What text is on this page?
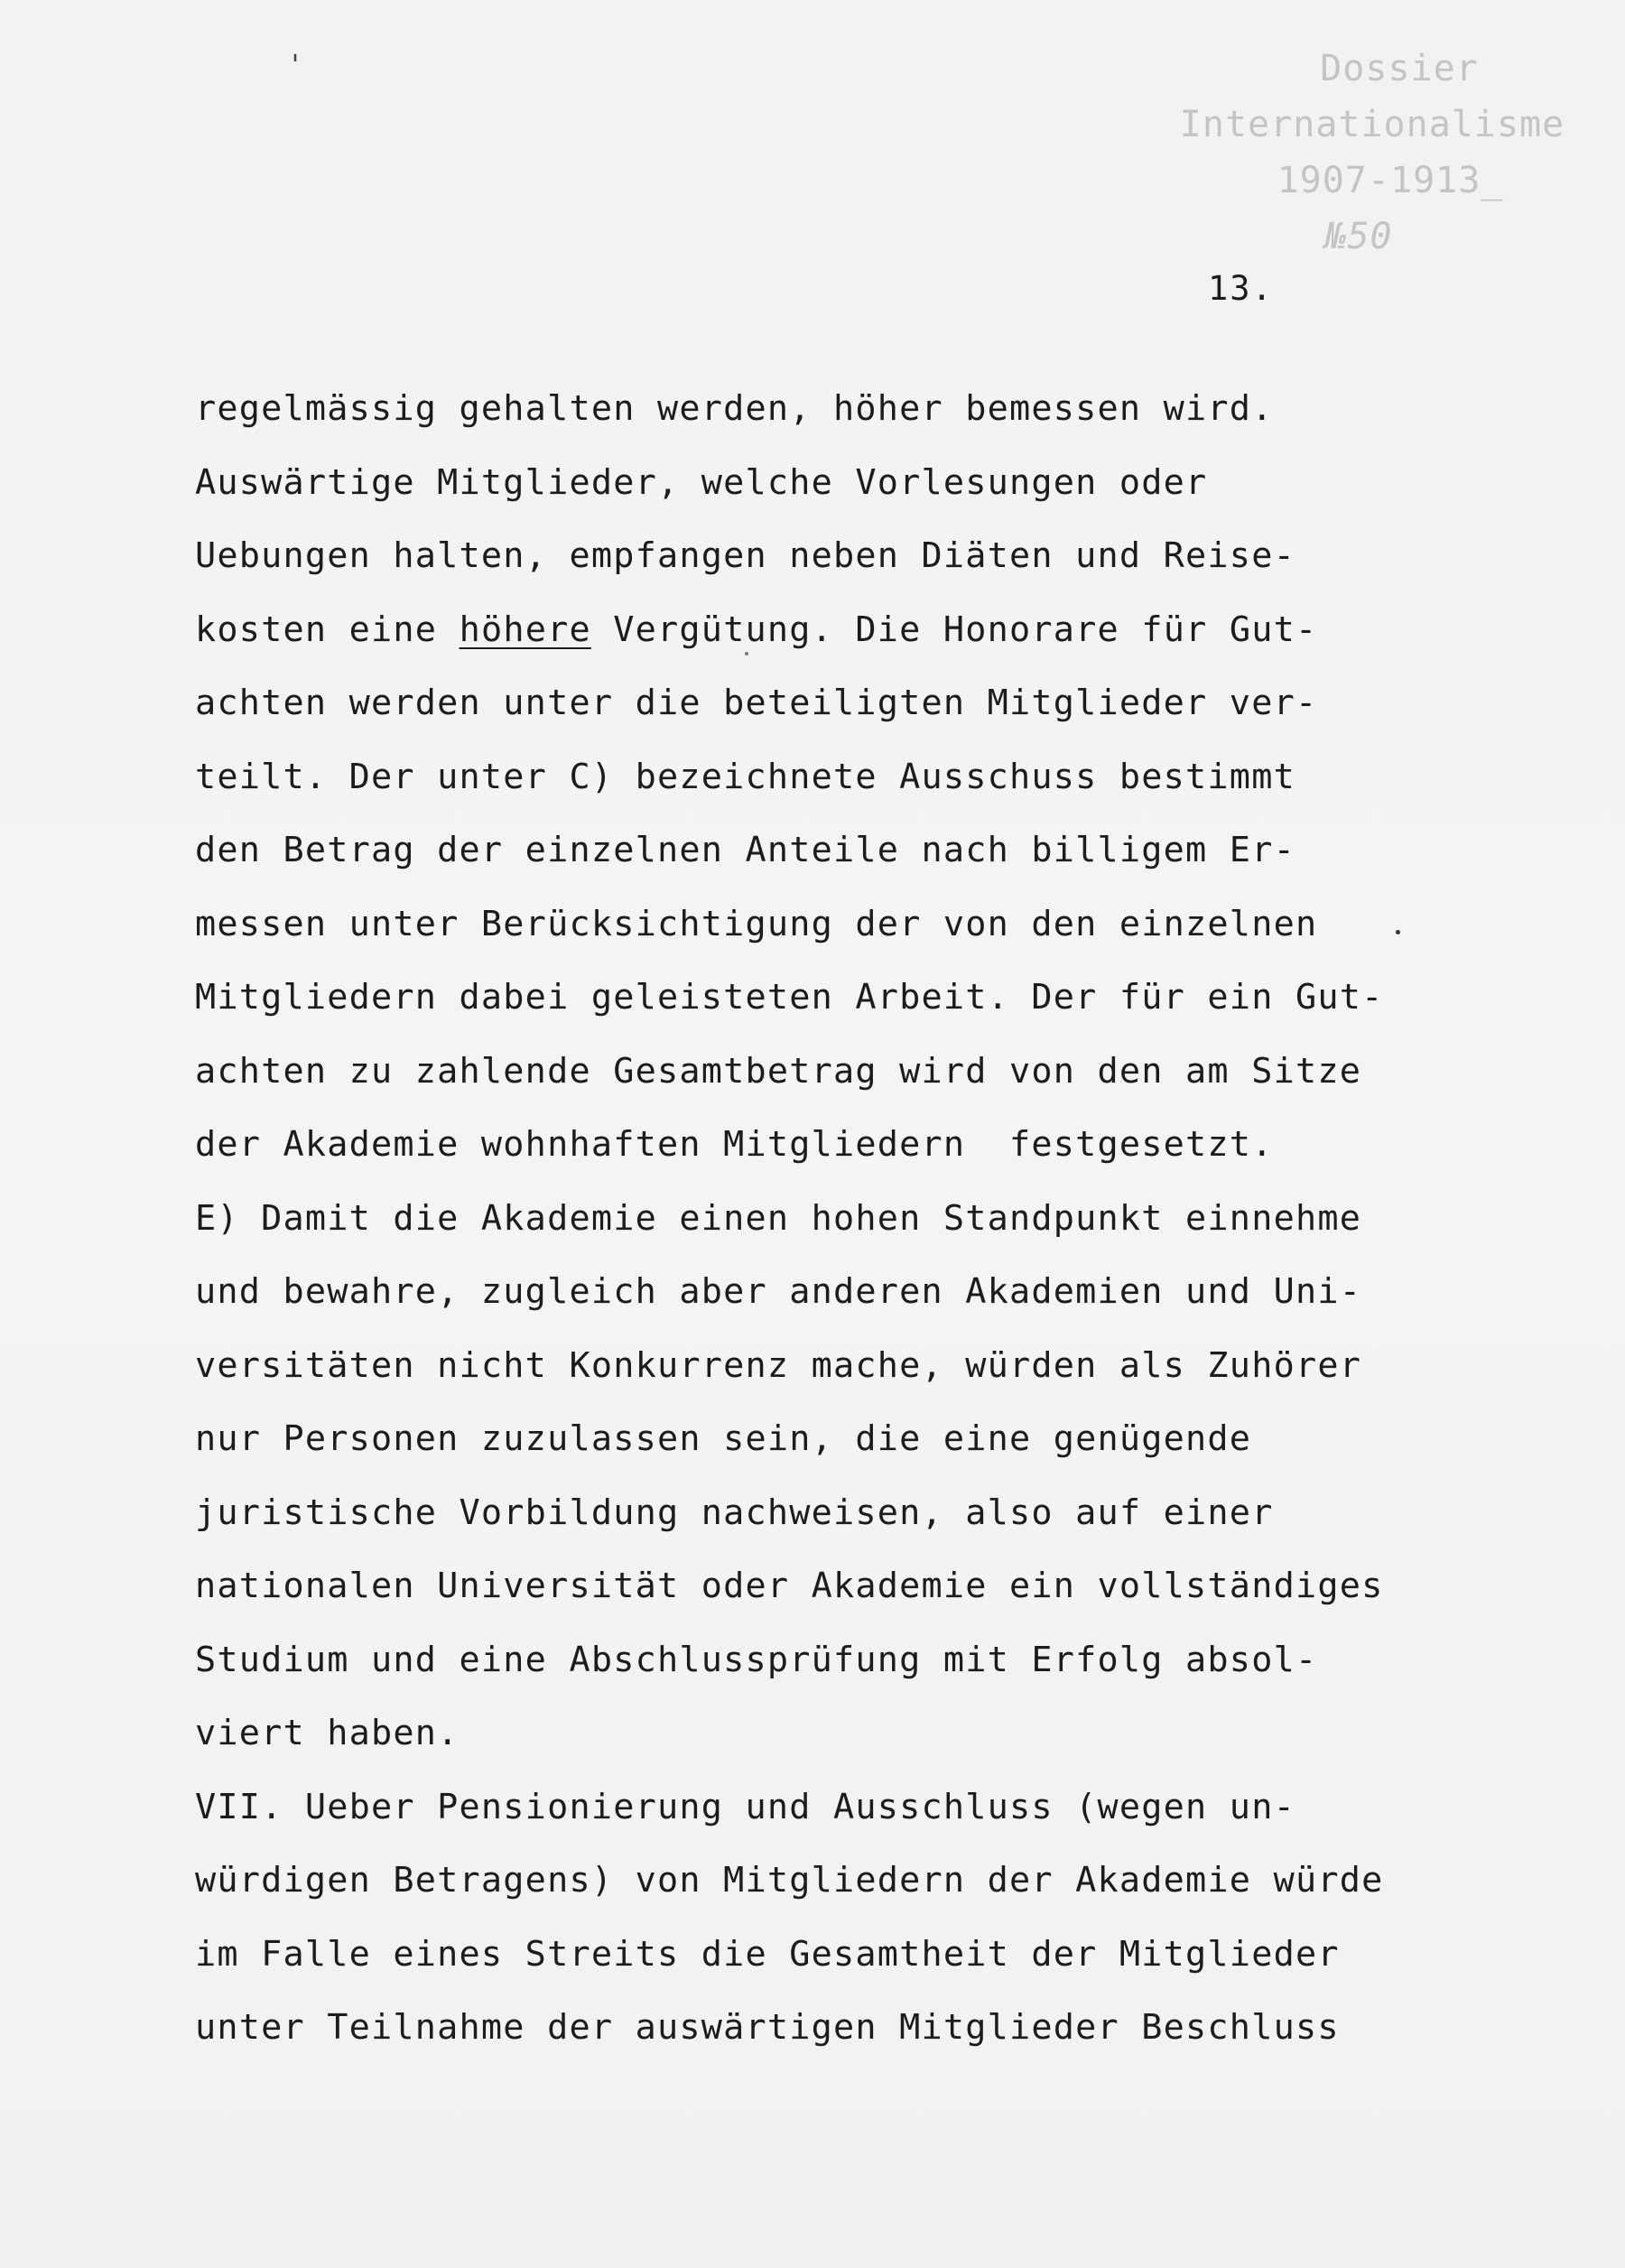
'	Dossier
Internationalisme
1907-1913_
№50
13.
regelmässig gehalten werden, höher bemessen wird.
Auswärtige Mitglieder, welche Vorlesungen oder
Uebungen halten, empfangen neben Diäten und Reise-
kosten eine höhere Vergütung. Die Honorare für Gut-
achten werden unter die beteiligten Mitglieder ver-
teilt. Der unter C) bezeichnete Ausschuss bestimmt
den Betrag der einzelnen Anteile nach billigem Er-
messen unter Berücksichtigung der von den einzelnen
Mitgliedern dabei geleisteten Arbeit. Der für ein Gut-
achten zu zahlende Gesamtbetrag wird von den am Sitze
der Akademie wohnhaften Mitgliedern  festgesetzt.
E) Damit die Akademie einen hohen Standpunkt einnehme
und bewahre, zugleich aber anderen Akademien und Uni-
versitäten nicht Konkurrenz mache, würden als Zuhörer
nur Personen zuzulassen sein, die eine genügende
juristische Vorbildung nachweisen, also auf einer
nationalen Universität oder Akademie ein vollständiges
Studium und eine Abschlussprüfung mit Erfolg absol-
viert haben.
VII. Ueber Pensionierung und Ausschluss (wegen un-
würdigen Betragens) von Mitgliedern der Akademie würde
im Falle eines Streits die Gesamtheit der Mitglieder
unter Teilnahme der auswärtigen Mitglieder Beschluss
